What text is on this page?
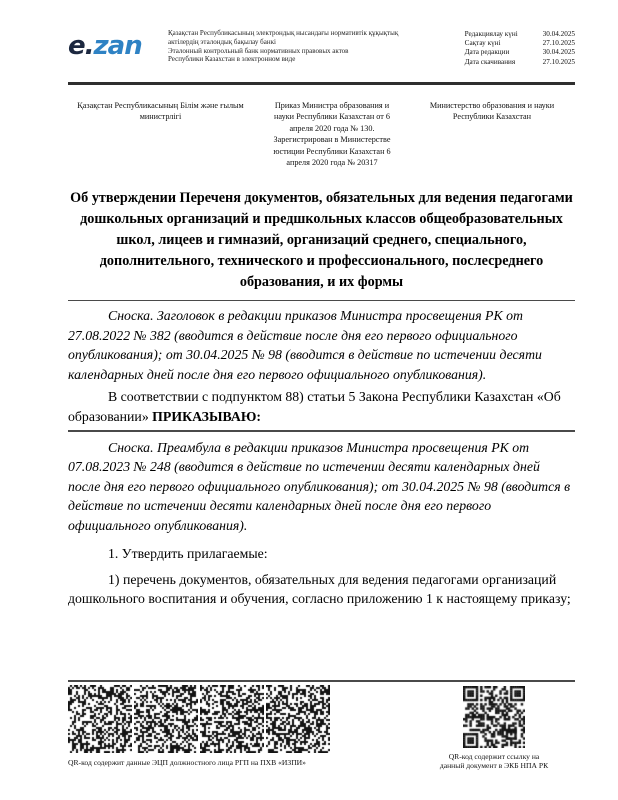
e.zan	Қазақстан Республикасының электрондық нысандағы нормативтік құқықтық
актілердің эталондық бақылау банкі
Эталонный контрольный банк нормативных правовых актов
Республики Казахстан в электронном виде
Редакциялау күні	30.04.2025
Сақтау күні	27.10.2025
Дата редакции	30.04.2025
Дата скачивания	27.10.2025
Қазақстан Республикасының Білім және ғылым министрлігі
Приказ Министра образования и науки Республики Казахстан от 6 апреля 2020 года № 130. Зарегистрирован в Министерстве юстиции Республики Казахстан 6 апреля 2020 года № 20317
Министерство образования и науки Республики Казахстан
Об утверждении Переченя документов, обязательных для ведения педагогами дошкольных организаций и предшкольных классов общеобразовательных школ, лицеев и гимназий, организаций среднего, специального, дополнительного, технического и профессионального, послесреднего образования, и их формы

Сноска. Заголовок в редакции приказов Министра просвещения РК от 27.08.2022 № 382 (вводится в действие после дня его первого официального опубликования); от 30.04.2025 № 98 (вводится в действие по истечении десяти календарных дней после дня его первого официального опубликования).

В соответствии с подпунктом 88) статьи 5 Закона Республики Казахстан «Об образовании» ПРИКАЗЫВАЮ:

Сноска. Преамбула в редакции приказов Министра просвещения РК от 07.08.2023 № 248 (вводится в действие по истечении десяти календарных дней после дня его первого официального опубликования); от 30.04.2025 № 98 (вводится в действие по истечении десяти календарных дней после дня его первого официального опубликования).

1. Утвердить прилагаемые:

1) перечень документов, обязательных для ведения педагогами организаций дошкольного воспитания и обучения, согласно приложению 1 к настоящему приказу;

QR-код содержит данные ЭЦП должностного лица РГП на ПХВ «ИЗПИ»
QR-код содержит ссылку на
данный документ в ЭКБ НПА РК
